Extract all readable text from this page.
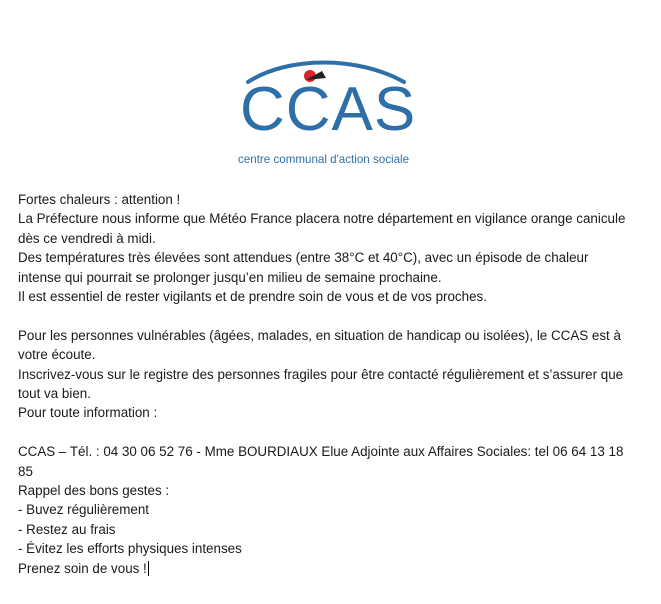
CCAS
centre communal d'action sociale

Fortes chaleurs : attention !

La Préfecture nous informe que Météo France placera notre département en vigilance orange canicule dès ce vendredi à midi.

Des températures très élevées sont attendues (entre 38°C et 40°C), avec un épisode de chaleur intense qui pourrait se prolonger jusqu’en milieu de semaine prochaine.

Il est essentiel de rester vigilants et de prendre soin de vous et de vos proches.

Pour les personnes vulnérables (âgées, malades, en situation de handicap ou isolées), le CCAS est à votre écoute.

Inscrivez-vous sur le registre des personnes fragiles pour être contacté régulièrement et s’assurer que tout va bien.

Pour toute information :

CCAS – Tél. : 04 30 06 52 76 - Mme BOURDIAUX Elue Adjointe aux Affaires Sociales: tel 06 64 13 18 85

Rappel des bons gestes :

- Buvez régulièrement

- Restez au frais

- Évitez les efforts physiques intenses

Prenez soin de vous !
